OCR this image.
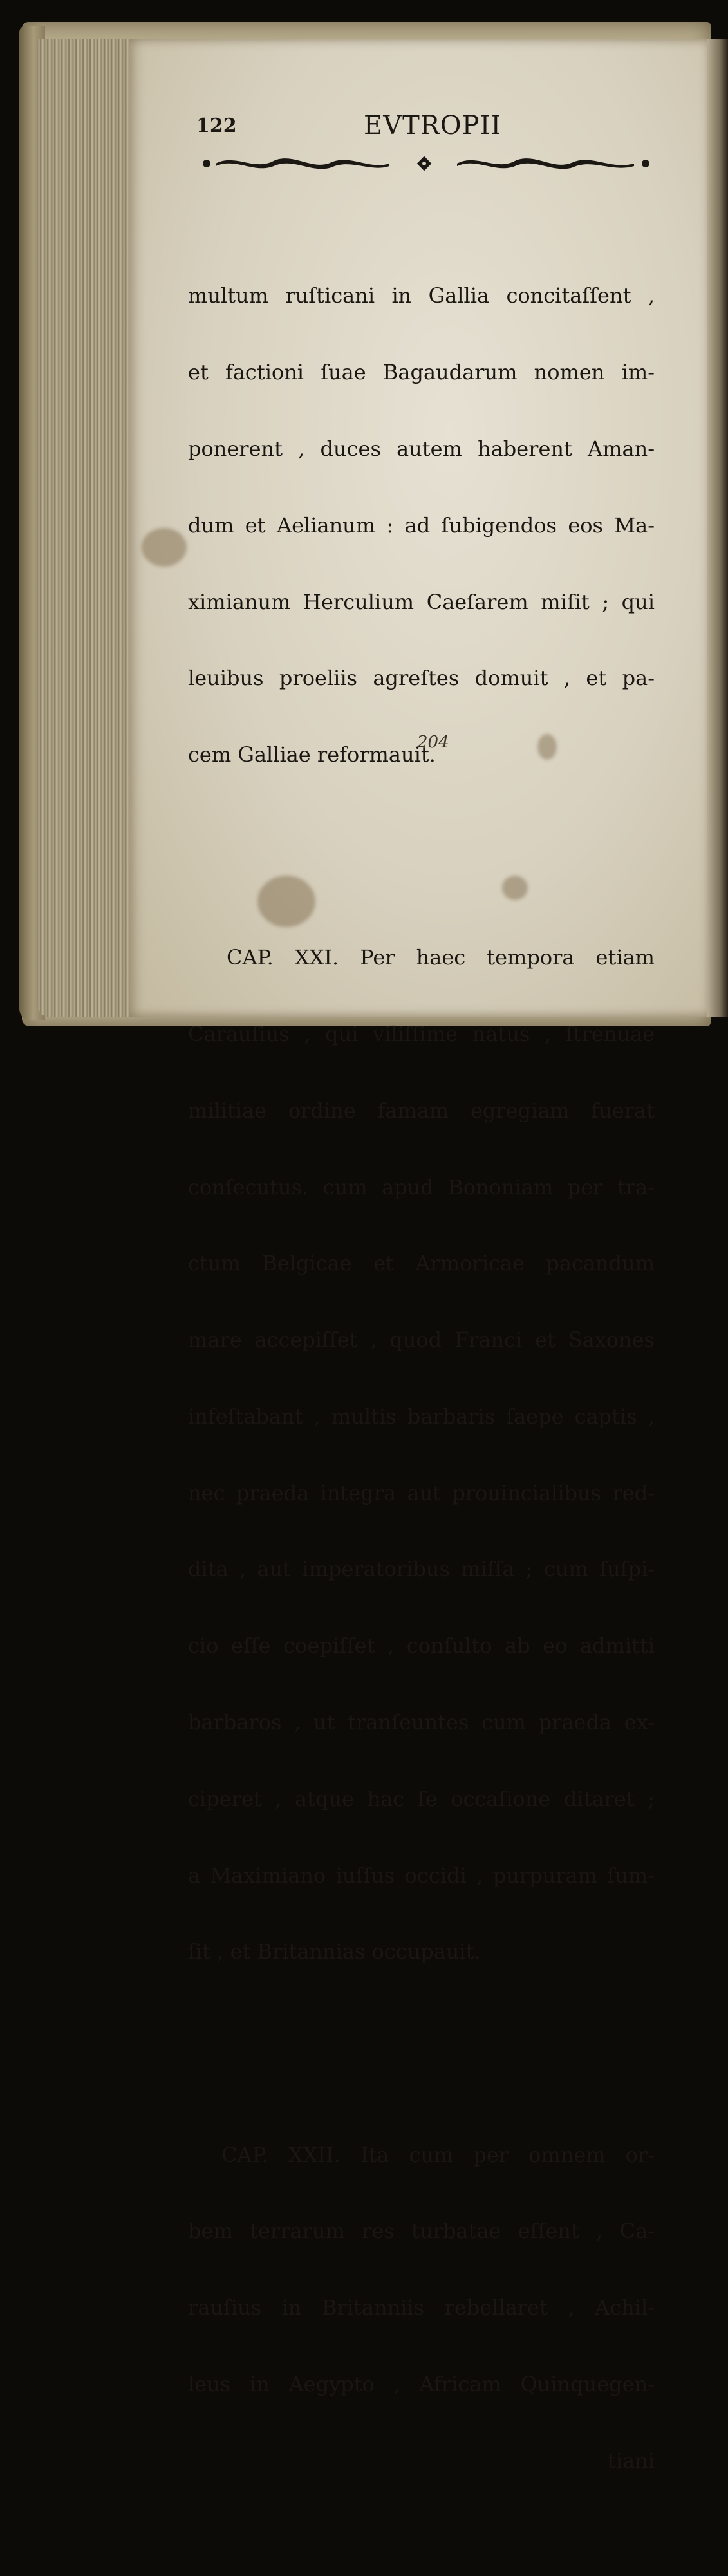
122	EVTROPII

multum ruſticani in Gallia concitaſſent ,

et factioni ſuae Bagaudarum nomen im-

ponerent , duces autem haberent Aman-

dum et Aelianum : ad ſubigendos eos Ma-

ximianum Herculium Caeſarem miſit ; qui

leuibus proeliis agreſtes domuit , et pa-

cem Galliae reformauit.

CAP. XXI. Per haec tempora etiam

Carauſius , qui viliſſime natus , ſtrenuae

militiae ordine famam egregiam fuerat

conſecutus. cum apud Bononiam per tra-

ctum Belgicae et Armoricae pacandum

mare accepiſſet , quod Franci et Saxones

infeſtabant , multis barbaris ſaepe captis ,

nec praeda integra aut prouincialibus red-

dita , aut imperatoribus miſſa ; cum ſuſpi-

cio eſſe coepiſſet , conſulto ab eo admitti

barbaros , ut tranſeuntes cum praeda ex-

ciperet , atque hac ſe occaſione ditaret ;

a Maximiano iuſſus occidi , purpuram ſum-

ſit , et Britannias occupauit.

CAP. XXII. Ita cum per omnem or-

bem terrarum res turbatae eſſent , Ca-

rauſius in Britanniis rebellaret , Achil-

leus in Aegypto , Africam Quinquegen-

tiani

204
